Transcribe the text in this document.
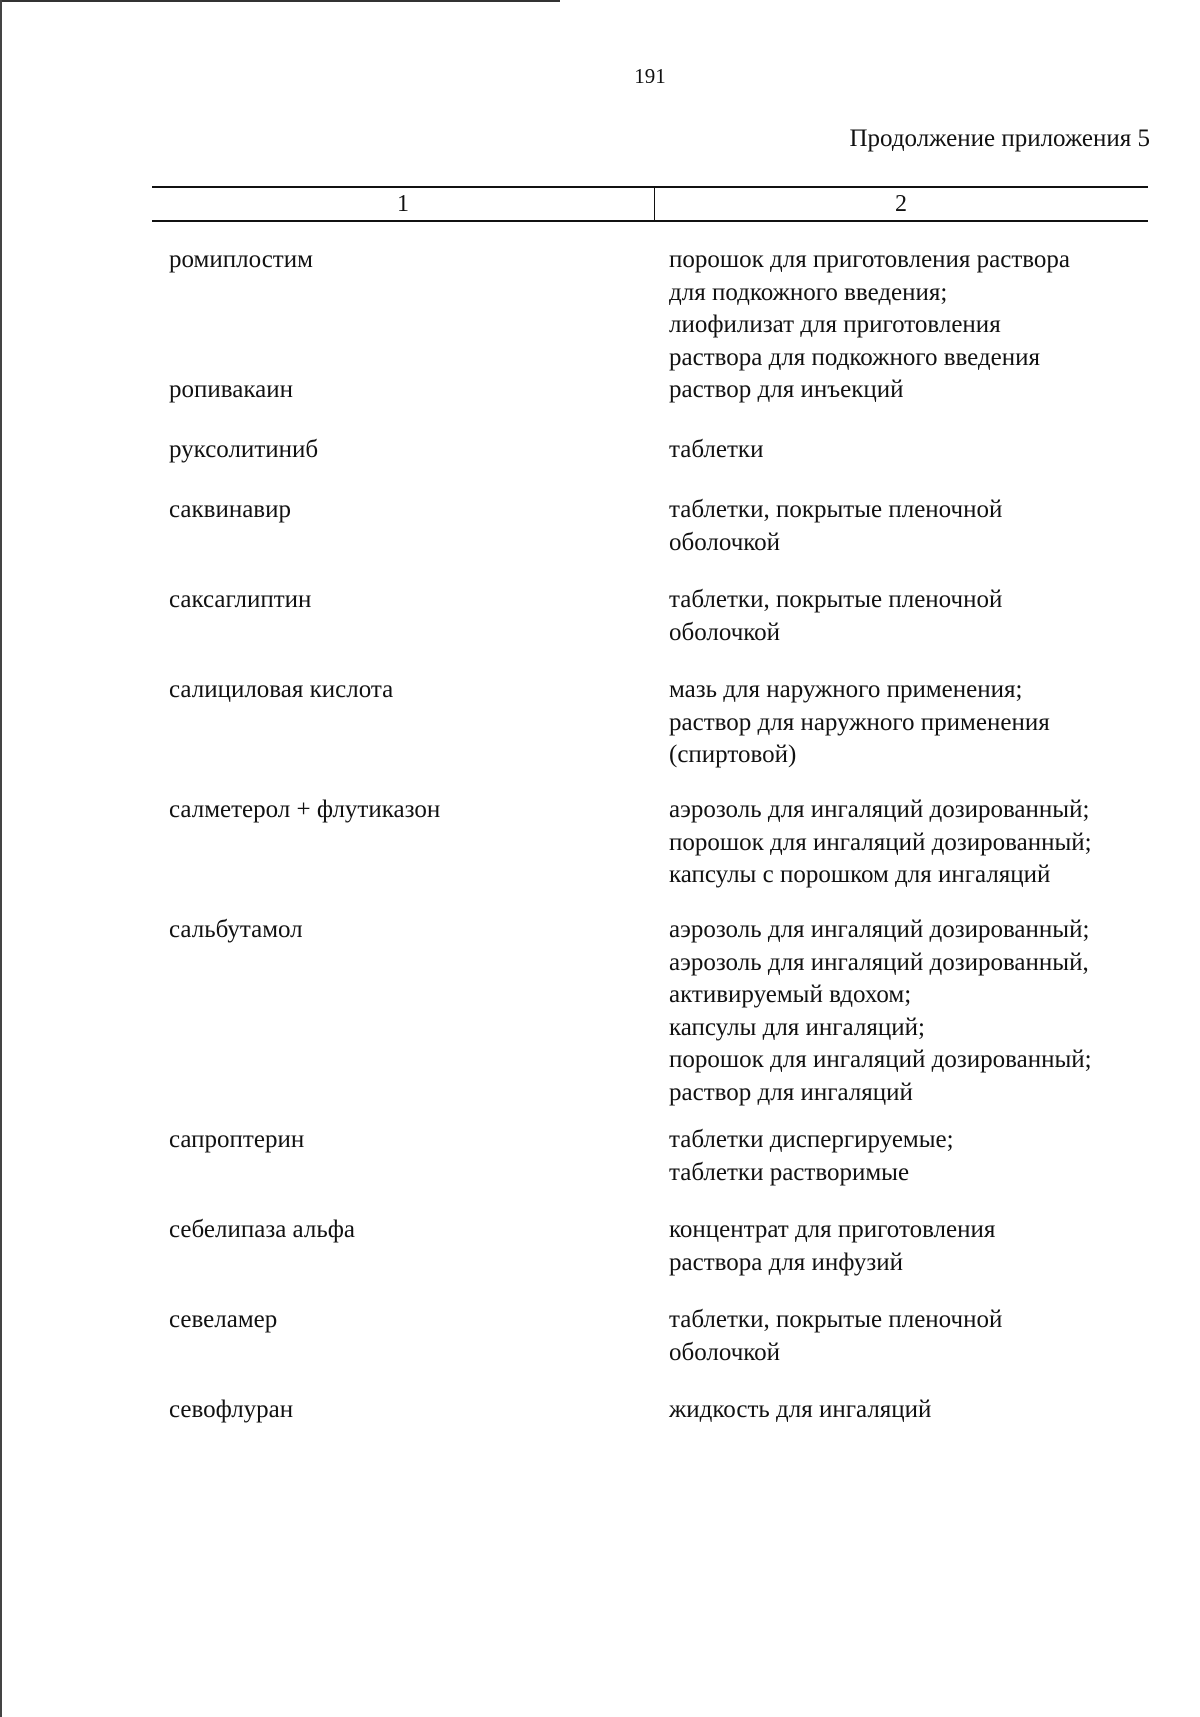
191
Продолжение приложения 5
1	2
ромиплостим	порошок для приготовления раствора
для подкожного введения;
лиофилизат для приготовления
раствора для подкожного введения
ропивакаин	раствор для инъекций
руксолитиниб	таблетки
саквинавир	таблетки, покрытые пленочной
оболочкой
саксаглиптин	таблетки, покрытые пленочной
оболочкой
салициловая кислота	мазь для наружного применения;
раствор для наружного применения
(спиртовой)
салметерол + флутиказон	аэрозоль для ингаляций дозированный;
порошок для ингаляций дозированный;
капсулы с порошком для ингаляций
сальбутамол	аэрозоль для ингаляций дозированный;
аэрозоль для ингаляций дозированный,
активируемый вдохом;
капсулы для ингаляций;
порошок для ингаляций дозированный;
раствор для ингаляций
сапроптерин	таблетки диспергируемые;
таблетки растворимые
себелипаза альфа	концентрат для приготовления
раствора для инфузий
севеламер	таблетки, покрытые пленочной
оболочкой
севофлуран	жидкость для ингаляций
